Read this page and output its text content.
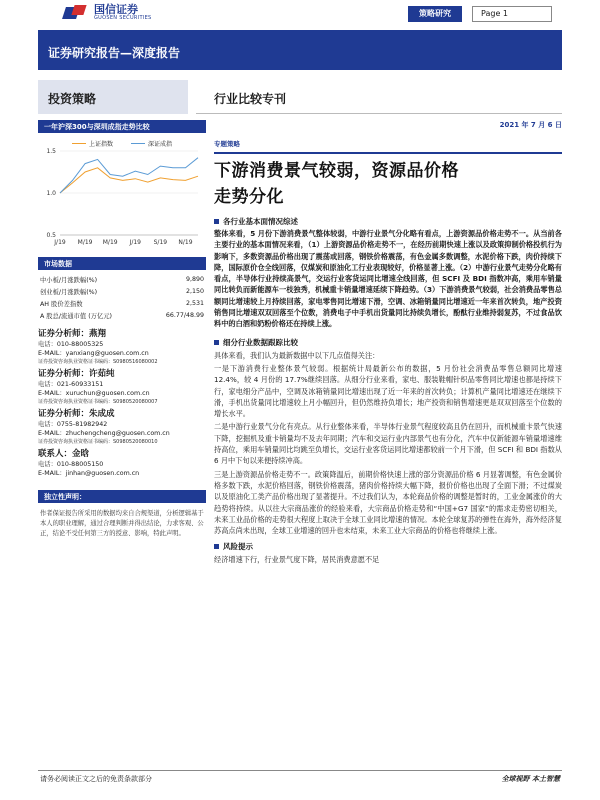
国信证券
GUOSEN SECURITIES	策略研究	Page 1
证券研究报告—深度报告
投资策略	行业比较专刊
一年沪深300与深圳成指走势比较
上证指数	深证成指
0.5
1.0
1.5
J/19 M/19 M/19 J/19 S/19 N/19
市场数据
中小板/月涨跌幅(%)	9,890
创业板/月涨跌幅(%)	2,150
AH 股价差指数	2,531
A 股总/流通市值 (万亿元)	66.77/48.99
证券分析师：燕翔
电话：010-88005325
E-MAIL：yanxiang@guosen.com.cn
证券投资咨询执业资格证书编码：S0980516080002
证券分析师：许茹纯
电话：021-60933151
E-MAIL：xuruchun@guosen.com.cn
证券投资咨询执业资格证书编码：S0980520080007
证券分析师：朱成成
电话：0755-81982942
E-MAIL：zhuchengcheng@guosen.com.cn
证券投资咨询执业资格证书编码：S0980520080010
联系人：金晗
电话：010-88005150
E-MAIL：jinhan@guosen.com.cn
独立性声明：
作者保证报告所采用的数据均来自合规渠道，分析逻辑基于本人的职业理解，通过合理判断并得出结论，力求客观、公正，结论不受任何第三方的授意、影响，特此声明。
2021 年 7 月 6 日
专题策略
下游消费景气较弱，资源品价格
走势分化
各行业基本面情况综述
整体来看，5 月份下游消费景气整体较弱，中游行业景气分化略有看点，上游资源品价格走势不一。从当前各主要行业的基本面情况来看，（1）上游资源品价格走势不一，在经历前期快速上涨以及政策抑制价格投机行为影响下，多数资源品价格出现了震荡或回落，钢铁价格震荡，有色金属多数调整，水泥价格下跌，肉价持续下降，国际原价仓全线回落，仅煤炭和原油化工行业表现较好，价格显著上涨。（2）中游行业景气走势分化略有看点，半导体行业持续高景气，交运行业客货运同比增速全线回落，但 SCFI 及 BDI 指数冲高，乘用车销量同比转负而新能源车一枝独秀，机械重卡销量增速延续下降趋势。（3）下游消费景气较弱，社会消费品零售总额同比增速较上月持续回落，家电零售同比增速下滑，空调、冰箱销量同比增速近一年来首次转负，地产投资销售同比增速双双回落至个位数，消费电子中手机出货量同比持续负增长，酚酞行业维持弱复苏，不过食品饮料中的白酒和奶粉价格还在持续上涨。
细分行业数据跟踪比较
具体来看，我们认为最新数据中以下几点值得关注：
一是下游消费行业整体景气较弱。根据统计局最新公布的数据，5 月份社会消费品零售总额同比增速 12.4%，较 4 月份的 17.7%继续回落。从细分行业来看，家电、服装鞋帽针织品零售同比增速也都是持续下行，家电细分产品中，空调及冰箱销量同比增速出现了近一年来的首次转负；计算机产量同比增速还在继续下滑，手机出货量同比增速较上月小幅回升，但仍然维持负增长；地产投资和销售增速更是双双回落至个位数的增长水平。
二是中游行业景气分化有亮点。从行业整体来看，半导体行业景气程度较高且仍在回升，而机械重卡景气快速下降，挖掘机及重卡销量均不及去年同期；汽车和交运行业内部景气也有分化，汽车中仅新能源车销量增速维持高位，乘用车销量同比均跳至负增长，交运行业客货运同比增速都较前一个月下滑，但 SCFI 和 BDI 指数从 6 月中下旬以来便持续冲高。
三是上游资源品价格走势不一。政策降温后，前期价格快速上涨的部分资源品价格 6 月显著调整，有色金属价格多数下跌，水泥价格回落，钢铁价格震荡，猪肉价格持续大幅下降，报价价格也出现了全面下滑；不过煤炭以及原油化工类产品价格出现了显著提升。不过我们认为，本轮商品价格的调整是暂时的，工业金属涨价的大趋势将持续。从以往大宗商品涨价的经验来看，大宗商品价格走势和“中国+G7 国家”的需求走势密切相关，未来工业品价格的走势很大程度上取决于全球工业同比增速的情况。本轮全球复苏的弹性在海外，海外经济复苏高点尚未出现，全球工业增速的回升也未结束，未来工业大宗商品的价格也将继续上涨。
风险提示
经济增速下行，行业景气度下降，居民消费意愿不足
请务必阅读正文之后的免责条款部分	全球视野 本土智慧
